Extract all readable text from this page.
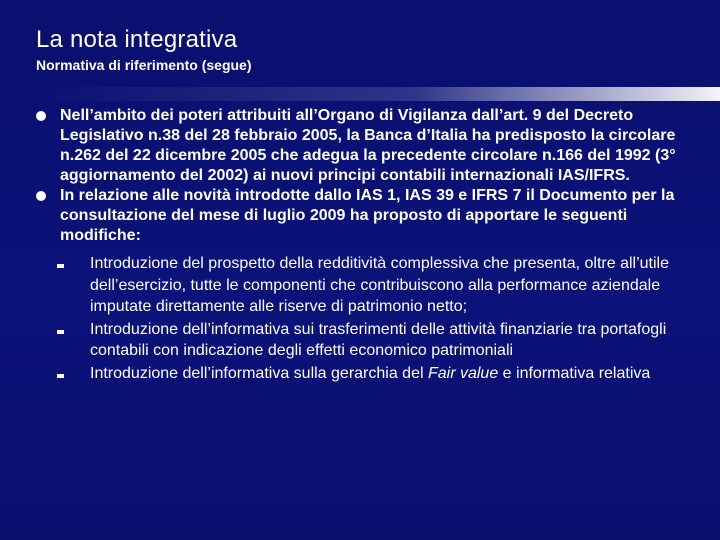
La nota integrativa
Normativa di riferimento (segue)

Nell’ambito dei poteri attribuiti all’Organo di Vigilanza dall’art. 9 del Decreto Legislativo n.38 del 28 febbraio 2005, la Banca d’Italia ha predisposto la circolare n.262 del 22 dicembre 2005 che adegua la precedente circolare n.166 del 1992 (3° aggiornamento del 2002) ai nuovi principi contabili internazionali IAS/IFRS.

In relazione alle novità introdotte dallo IAS 1, IAS 39 e IFRS 7 il Documento per la consultazione del mese di luglio 2009 ha proposto di apportare le seguenti modifiche:

Introduzione del prospetto della redditività complessiva che presenta, oltre all’utile dell’esercizio, tutte le componenti che contribuiscono alla performance aziendale imputate direttamente alle riserve di patrimonio netto;

Introduzione dell’informativa sui trasferimenti delle attività finanziarie tra portafogli contabili con indicazione degli effetti economico patrimoniali

Introduzione dell’informativa sulla gerarchia del Fair value e informativa relativa
